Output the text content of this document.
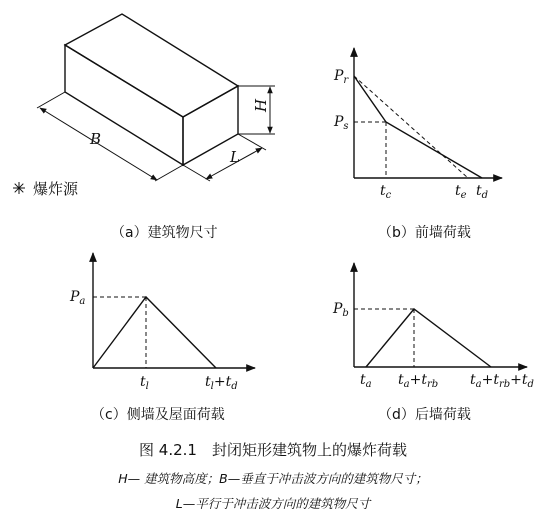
B
L
H
爆炸源
（a）建筑物尺寸
$P_r$
$P_s$
$t_c$	$t_e$ $t_d$
（b）前墙荷载
$P_a$
$t_l$	$t_l+t_d$
（c）侧墙及屋面荷载
$P_b$
$t_a$ $t_a+t_{rb}$ $t_a+t_{rb}+t_d$
（d）后墙荷载
图 4.2.1　封闭矩形建筑物上的爆炸荷载
H— 建筑物高度；B—垂直于冲击波方向的建筑物尺寸；
L—平行于冲击波方向的建筑物尺寸
